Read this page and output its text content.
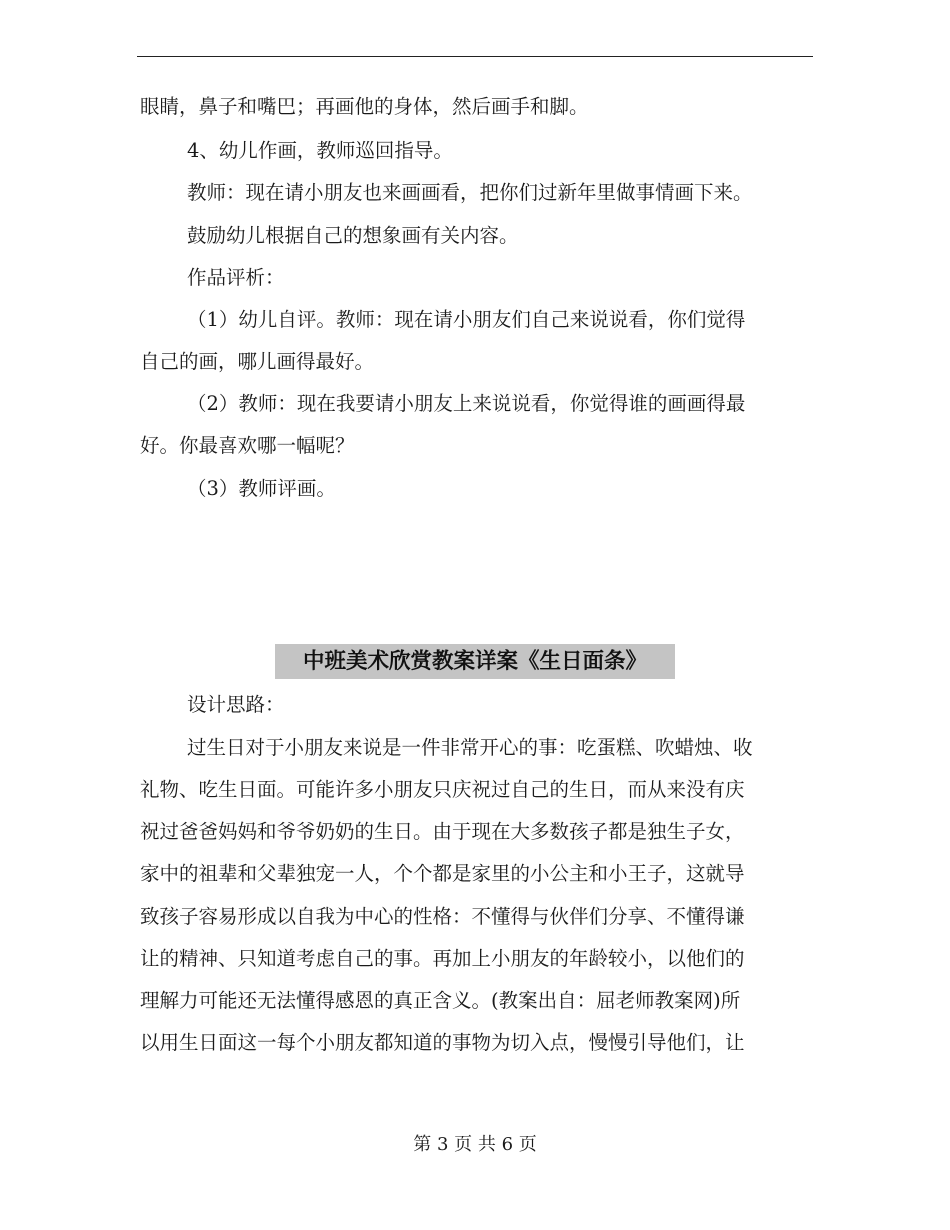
眼睛，鼻子和嘴巴；再画他的身体，然后画手和脚。
4、幼儿作画，教师巡回指导。
教师：现在请小朋友也来画画看，把你们过新年里做事情画下来。
鼓励幼儿根据自己的想象画有关内容。
作品评析：
（1）幼儿自评。教师：现在请小朋友们自己来说说看，你们觉得
自己的画，哪儿画得最好。
（2）教师：现在我要请小朋友上来说说看，你觉得谁的画画得最
好。你最喜欢哪一幅呢？
（3）教师评画。
中班美术欣赏教案详案《生日面条》
设计思路：
过生日对于小朋友来说是一件非常开心的事：吃蛋糕、吹蜡烛、收
礼物、吃生日面。可能许多小朋友只庆祝过自己的生日，而从来没有庆
祝过爸爸妈妈和爷爷奶奶的生日。由于现在大多数孩子都是独生子女，
家中的祖辈和父辈独宠一人，个个都是家里的小公主和小王子，这就导
致孩子容易形成以自我为中心的性格：不懂得与伙伴们分享、不懂得谦
让的精神、只知道考虑自己的事。再加上小朋友的年龄较小，以他们的
理解力可能还无法懂得感恩的真正含义。(教案出自：屈老师教案网)所
以用生日面这一每个小朋友都知道的事物为切入点，慢慢引导他们，让
第 3 页 共 6 页
